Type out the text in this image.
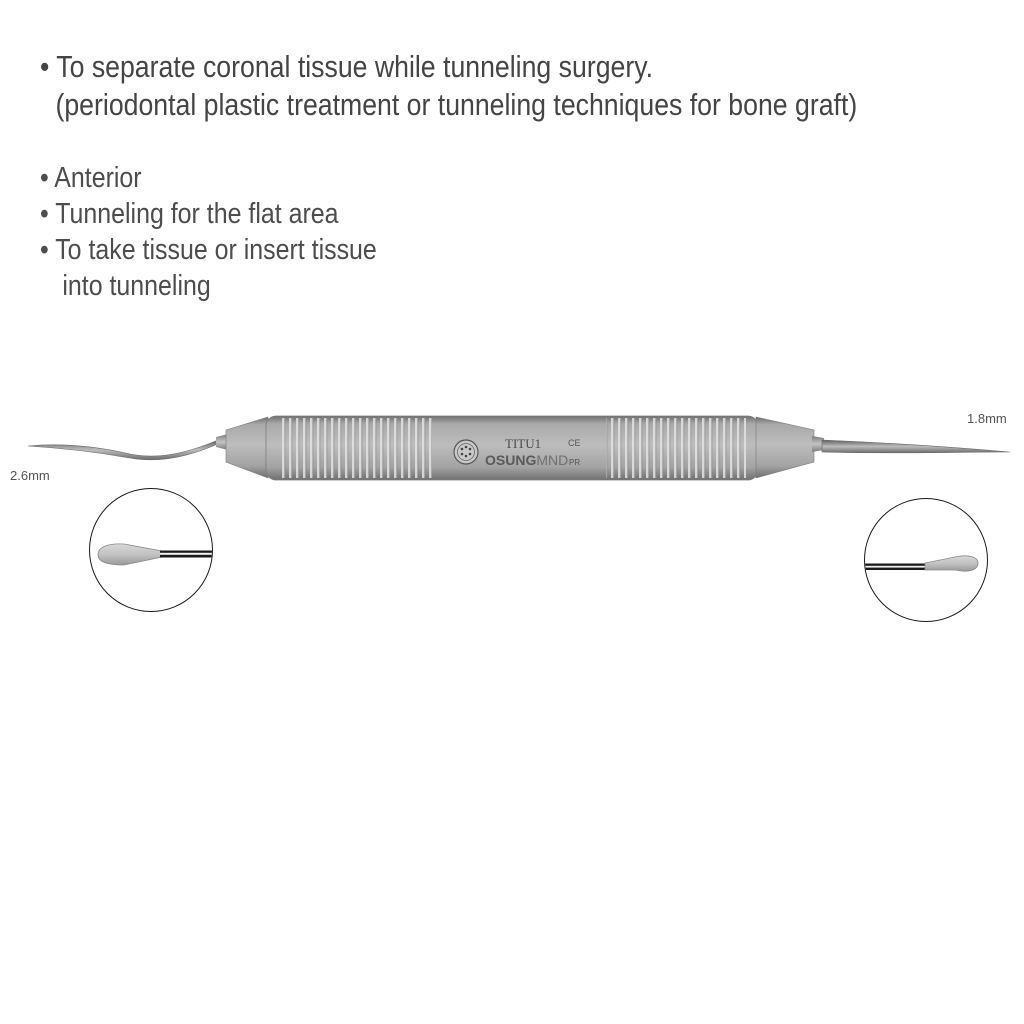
• To separate coronal tissue while tunneling surgery.
(periodontal plastic treatment or tunneling techniques for bone graft)
• Anterior
• Tunneling for the flat area
• To take tissue or insert tissue
into tunneling
2.6mm
1.8mm
TITU1	CE
OSUNGMND PR
